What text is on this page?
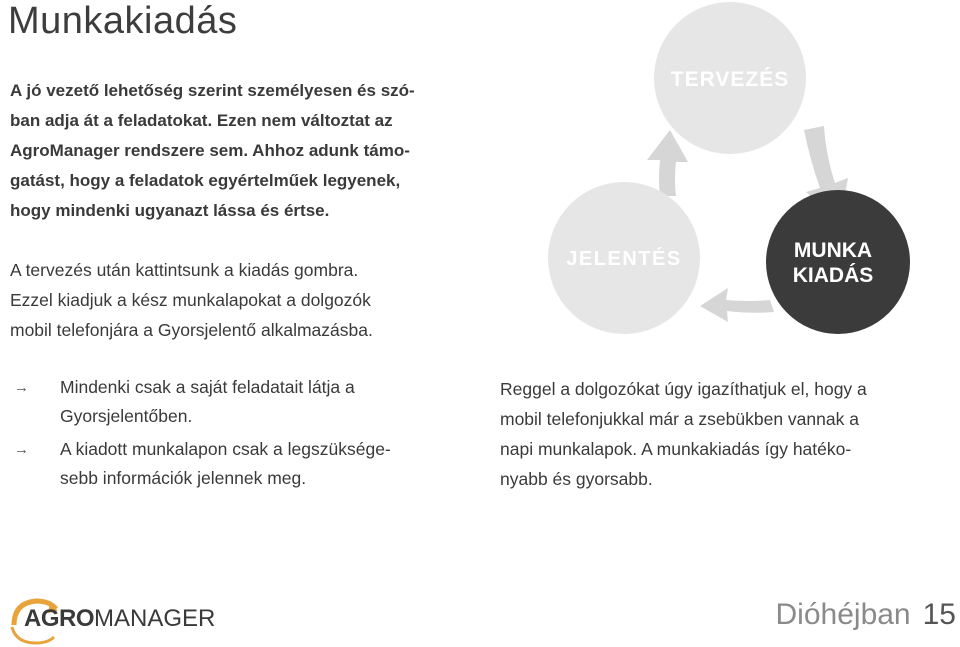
Munkakiadás
A jó vezető lehetőség szerint személyesen és szó-
ban adja át a feladatokat. Ezen nem változtat az
AgroManager rendszere sem. Ahhoz adunk támo-
gatást, hogy a feladatok egyértelműek legyenek,
hogy mindenki ugyanazt lássa és értse.
A tervezés után kattintsunk a kiadás gombra.
Ezzel kiadjuk a kész munkalapokat a dolgozók
mobil telefonjára a Gyorsjelentő alkalmazásba.
→ Mindenki csak a saját feladatait látja a
Gyorsjelentőben.
→ A kiadott munkalapon csak a legszüksége-
sebb információk jelennek meg.
Reggel a dolgozókat úgy igazíthatjuk el, hogy a
mobil telefonjukkal már a zsebükben vannak a
napi munkalapok. A munkakiadás így hatéko-
nyabb és gyorsabb.
TERVEZÉS
JELENTÉS	MUNKA
KIADÁS
AGROMANAGER	Dióhéjban 15
